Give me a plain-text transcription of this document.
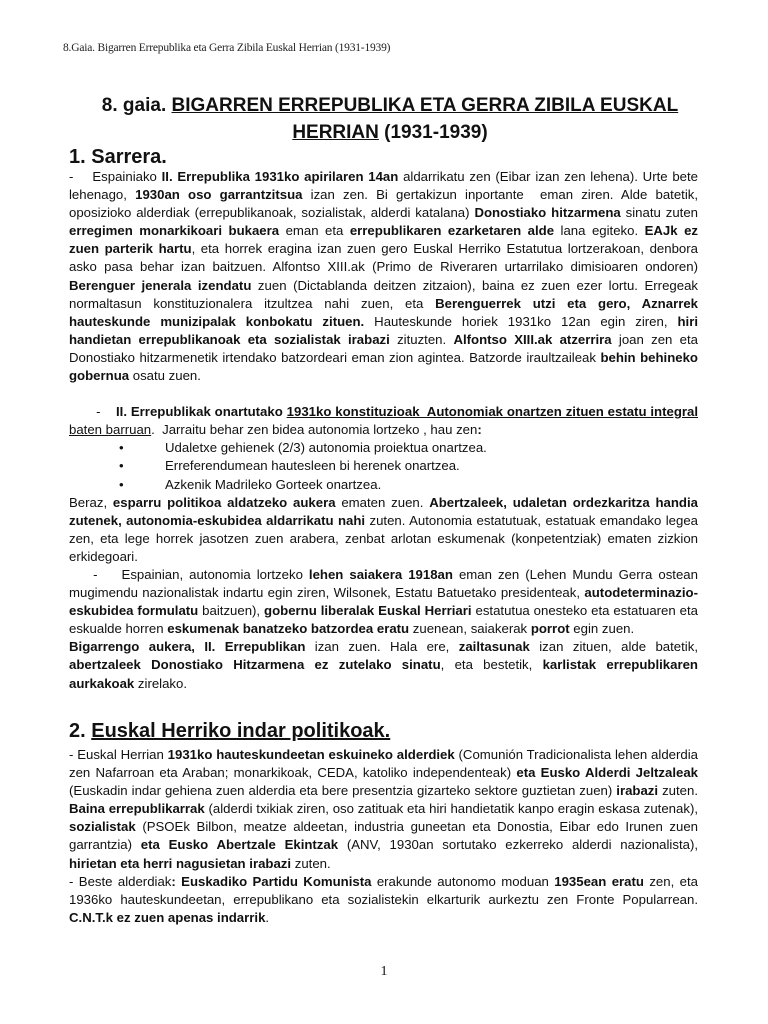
8.Gaia. Bigarren Errepublika eta Gerra Zibila Euskal Herrian (1931-1939)
8. gaia. BIGARREN ERREPUBLIKA ETA GERRA ZIBILA EUSKAL HERRIAN (1931-1939)
1. Sarrera.

-    Espainiako II. Errepublika 1931ko apirilaren 14an aldarrikatu zen (Eibar izan zen lehena). Urte bete lehenago, 1930an oso garrantzitsua izan zen. Bi gertakizun inportante  eman ziren. Alde batetik, oposizioko alderdiak (errepublikanoak, sozialistak, alderdi katalana) Donostiako hitzarmena sinatu zuten erregimen monarkikoari bukaera eman eta errepublikaren ezarketaren alde lana egiteko. EAJk ez zuen parterik hartu, eta horrek eragina izan zuen gero Euskal Herriko Estatutua lortzerakoan, denbora asko pasa behar izan baitzuen. Alfontso XIII.ak (Primo de Riveraren urtarrilako dimisioaren ondoren) Berenguer jenerala izendatu zuen (Dictablanda deitzen zitzaion), baina ez zuen ezer lortu. Erregeak normaltasun konstituzionalera itzultzea nahi zuen, eta Berenguerrek utzi eta gero, Aznarrek hauteskunde munizipalak konbokatu zituen. Hauteskunde horiek 1931ko 12an egin ziren, hiri handietan errepublikanoak eta sozialistak irabazi zituzten. Alfontso XIII.ak atzerrira joan zen eta Donostiako hitzarmenetik irtendako batzordeari eman zion agintea. Batzorde iraultzaileak behin behineko gobernua osatu zuen.

-    II. Errepublikak onartutako 1931ko konstituzioak  Autonomiak onartzen zituen estatu integral baten barruan.  Jarraitu behar zen bidea autonomia lortzeko , hau zen:

• Udaletxe gehienek (2/3) autonomia proiektua onartzea.
• Erreferendumean hautesleen bi herenek onartzea.
• Azkenik Madrileko Gorteek onartzea.

Beraz, esparru politikoa aldatzeko aukera ematen zuen. Abertzaleek, udaletan ordezkaritza handia zutenek, autonomia-eskubidea aldarrikatu nahi zuten. Autonomia estatutuak, estatuak emandako legea zen, eta lege horrek jasotzen zuen arabera, zenbat arlotan eskumenak (konpetentziak) ematen zizkion erkidegoari.

-    Espainian, autonomia lortzeko lehen saiakera 1918an eman zen (Lehen Mundu Gerra ostean mugimendu nazionalistak indartu egin ziren, Wilsonek, Estatu Batuetako presidenteak, autodeterminazio-eskubidea formulatu baitzuen), gobernu liberalak Euskal Herriari estatutua onesteko eta estatuaren eta eskualde horren eskumenak banatzeko batzordea eratu zuenean, saiakerak porrot egin zuen.

Bigarrengo aukera, II. Errepublikan izan zuen. Hala ere, zailtasunak izan zituen, alde batetik, abertzaleek Donostiako Hitzarmena ez zutelako sinatu, eta bestetik, karlistak errepublikaren aurkakoak zirelako.

2. Euskal Herriko indar politikoak.

- Euskal Herrian 1931ko hauteskundeetan eskuineko alderdiek (Comunión Tradicionalista lehen alderdia zen Nafarroan eta Araban; monarkikoak, CEDA, katoliko independenteak) eta Eusko Alderdi Jeltzaleak (Euskadin indar gehiena zuen alderdia eta bere presentzia gizarteko sektore guztietan zuen) irabazi zuten. Baina errepublikarrak (alderdi txikiak ziren, oso zatituak eta hiri handietatik kanpo eragin eskasa zutenak), sozialistak (PSOEk Bilbon, meatze aldeetan, industria guneetan eta Donostia, Eibar edo Irunen zuen garrantzia) eta Eusko Abertzale Ekintzak (ANV, 1930an sortutako ezkerreko alderdi nazionalista), hirietan eta herri nagusietan irabazi zuten.

- Beste alderdiak: Euskadiko Partidu Komunista erakunde autonomo moduan 1935ean eratu zen, eta 1936ko hauteskundeetan, errepublikano eta sozialistekin elkarturik aurkeztu zen Fronte Popularrean. C.N.T.k ez zuen apenas indarrik.

1
